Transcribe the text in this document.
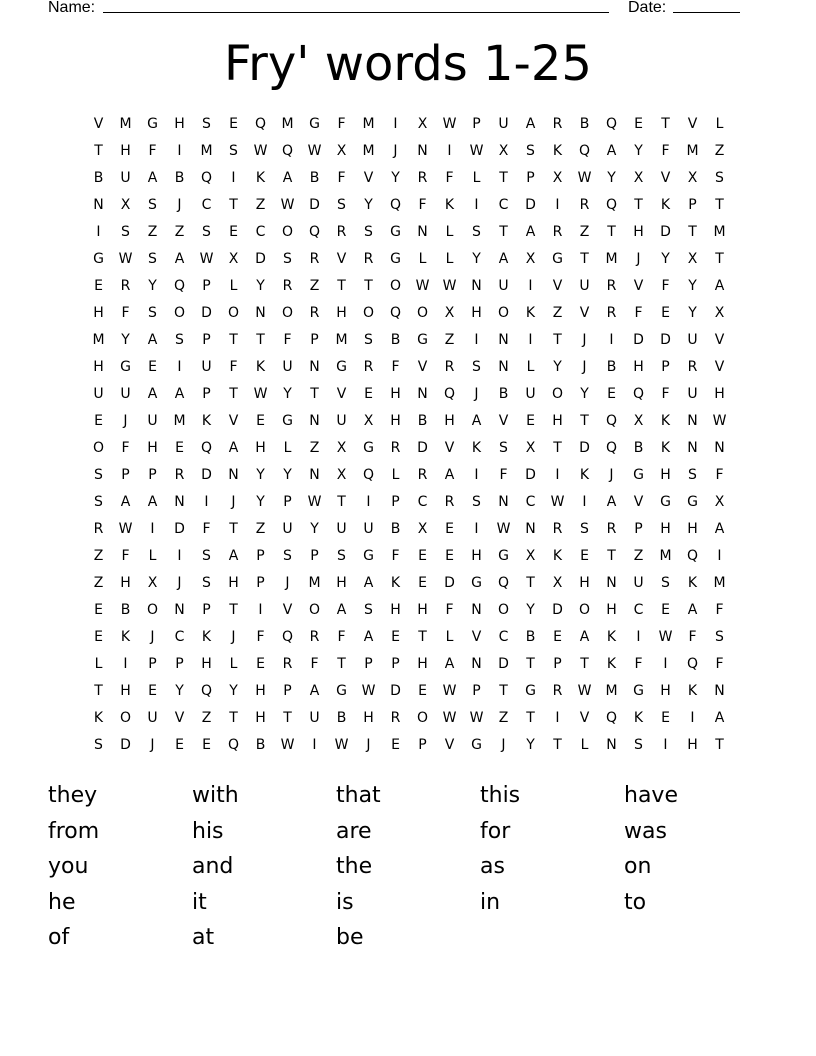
Name:	Date:
Fry' words 1-25
V	M	G	H	S	E	Q	M	G	F	M	I	X	W	P	U	A	R	B	Q	E	T	V	L
T	H	F	I	M	S	W	Q	W	X	M	J	N	I	W	X	S	K	Q	A	Y	F	M	Z
B	U	A	B	Q	I	K	A	B	F	V	Y	R	F	L	T	P	X	W	Y	X	V	X	S
N	X	S	J	C	T	Z	W	D	S	Y	Q	F	K	I	C	D	I	R	Q	T	K	P	T
I	S	Z	Z	S	E	C	O	Q	R	S	G	N	L	S	T	A	R	Z	T	H	D	T	M
G	W	S	A	W	X	D	S	R	V	R	G	L	L	Y	A	X	G	T	M	J	Y	X	T
E	R	Y	Q	P	L	Y	R	Z	T	T	O	W W	N	U	I	V	U	R	V	F	Y	A
H	F	S	O	D	O	N	O	R	H	O	Q	O	X	H	O	K	Z	V	R	F	E	Y	X
M	Y	A	S	P	T	T	F	P	M	S	B	G	Z	I	N	I	T	J	I	D	D	U	V
H	G	E	I	U	F	K	U	N	G	R	F	V	R	S	N	L	Y	J	B	H	P	R	V
U	U	A	A	P	T	W	Y	T	V	E	H	N	Q	J	B	U	O	Y	E	Q	F	U	H
E	J	U	M	K	V	E	G	N	U	X	H	B	H	A	V	E	H	T	Q	X	K	N	W
O	F	H	E	Q	A	H	L	Z	X	G	R	D	V	K	S	X	T	D	Q	B	K	N	N
S	P	P	R	D	N	Y	Y	N	X	Q	L	R	A	I	F	D	I	K	J	G	H	S	F
S	A	A	N	I	J	Y	P	W	T	I	P	C	R	S	N	C	W	I	A	V	G	G	X
R	W	I	D	F	T	Z	U	Y	U	U	B	X	E	I	W	N	R	S	R	P	H	H	A
Z	F	L	I	S	A	P	S	P	S	G	F	E	E	H	G	X	K	E	T	Z	M	Q	I
Z	H	X	J	S	H	P	J	M	H	A	K	E	D	G	Q	T	X	H	N	U	S	K	M
E	B	O	N	P	T	I	V	O	A	S	H	H	F	N	O	Y	D	O	H	C	E	A	F
E	K	J	C	K	J	F	Q	R	F	A	E	T	L	V	C	B	E	A	K	I	W	F	S
L	I	P	P	H	L	E	R	F	T	P	P	H	A	N	D	T	P	T	K	F	I	Q	F
T	H	E	Y	Q	Y	H	P	A	G	W	D	E	W	P	T	G	R	W	M	G	H	K	N
K	O	U	V	Z	T	H	T	U	B	H	R	O	W W	Z	T	I	V	Q	K	E	I	A
S	D	J	E	E	Q	B	W	I	W	J	E	P	V	G	J	Y	T	L	N	S	I	H	T
they	with	that	this	have
from	his	are	for	was
you	and	the	as	on
he	it	is	in	to
of	at	be
